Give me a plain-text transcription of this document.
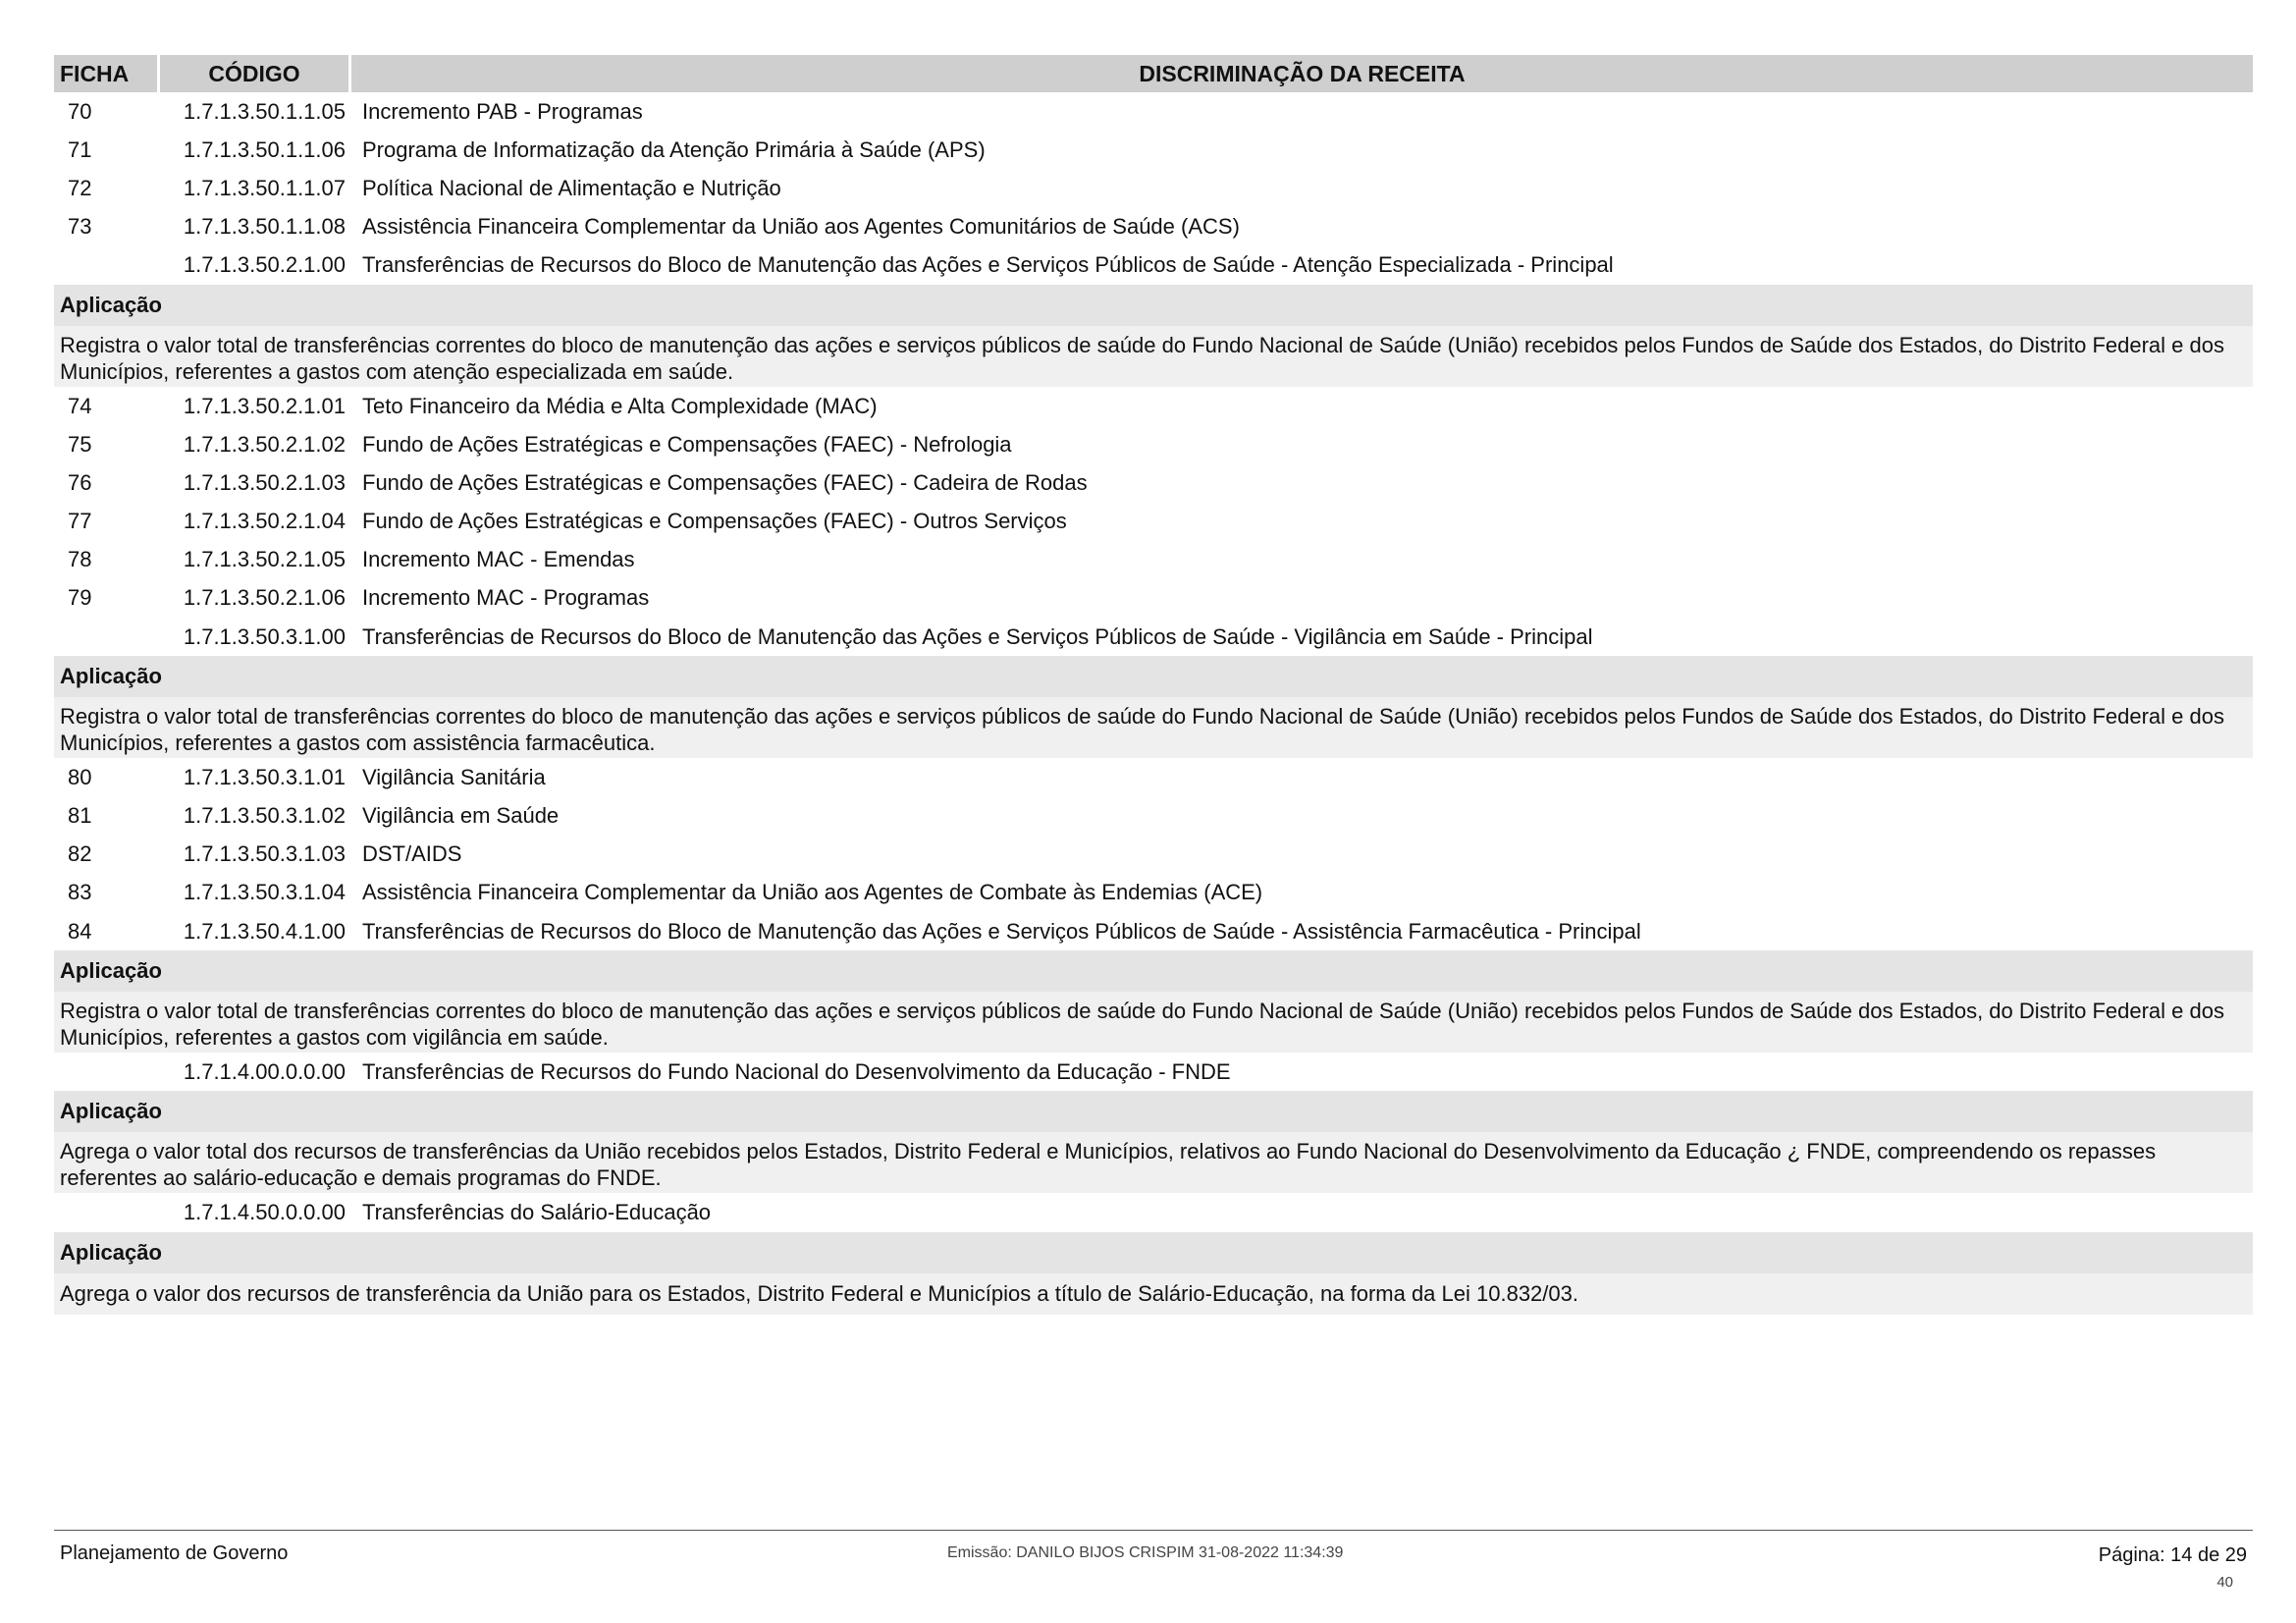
FICHA	CÓDIGO	DISCRIMINAÇÃO DA RECEITA
70	1.7.1.3.50.1.1.05 Incremento PAB - Programas
71	1.7.1.3.50.1.1.06 Programa de Informatização da Atenção Primária à Saúde (APS)
72	1.7.1.3.50.1.1.07 Política Nacional de Alimentação e Nutrição
73	1.7.1.3.50.1.1.08 Assistência Financeira Complementar da União aos Agentes Comunitários de Saúde (ACS)
1.7.1.3.50.2.1.00 Transferências de Recursos do Bloco de Manutenção das Ações e Serviços Públicos de Saúde - Atenção Especializada - Principal
Aplicação
Registra o valor total de transferências correntes do bloco de manutenção das ações e serviços públicos de saúde do Fundo Nacional de Saúde (União) recebidos pelos Fundos de Saúde dos Estados, do Distrito Federal e dos Municípios, referentes a gastos com atenção especializada em saúde.
74	1.7.1.3.50.2.1.01 Teto Financeiro da Média e Alta Complexidade (MAC)
75	1.7.1.3.50.2.1.02 Fundo de Ações Estratégicas e Compensações (FAEC) - Nefrologia
76	1.7.1.3.50.2.1.03 Fundo de Ações Estratégicas e Compensações (FAEC) - Cadeira de Rodas
77	1.7.1.3.50.2.1.04 Fundo de Ações Estratégicas e Compensações (FAEC) - Outros Serviços
78	1.7.1.3.50.2.1.05 Incremento MAC - Emendas
79	1.7.1.3.50.2.1.06 Incremento MAC - Programas
1.7.1.3.50.3.1.00 Transferências de Recursos do Bloco de Manutenção das Ações e Serviços Públicos de Saúde - Vigilância em Saúde - Principal
Aplicação
Registra o valor total de transferências correntes do bloco de manutenção das ações e serviços públicos de saúde do Fundo Nacional de Saúde (União) recebidos pelos Fundos de Saúde dos Estados, do Distrito Federal e dos Municípios, referentes a gastos com assistência farmacêutica.
80	1.7.1.3.50.3.1.01 Vigilância Sanitária
81	1.7.1.3.50.3.1.02 Vigilância em Saúde
82	1.7.1.3.50.3.1.03 DST/AIDS
83	1.7.1.3.50.3.1.04 Assistência Financeira Complementar da União aos Agentes de Combate às Endemias (ACE)
84	1.7.1.3.50.4.1.00 Transferências de Recursos do Bloco de Manutenção das Ações e Serviços Públicos de Saúde - Assistência Farmacêutica - Principal
Aplicação
Registra o valor total de transferências correntes do bloco de manutenção das ações e serviços públicos de saúde do Fundo Nacional de Saúde (União) recebidos pelos Fundos de Saúde dos Estados, do Distrito Federal e dos Municípios, referentes a gastos com vigilância em saúde.
1.7.1.4.00.0.0.00 Transferências de Recursos do Fundo Nacional do Desenvolvimento da Educação - FNDE
Aplicação
Agrega o valor total dos recursos de transferências da União recebidos pelos Estados, Distrito Federal e Municípios, relativos ao Fundo Nacional do Desenvolvimento da Educação ¿ FNDE, compreendendo os repasses referentes ao salário-educação e demais programas do FNDE.
1.7.1.4.50.0.0.00 Transferências do Salário-Educação
Aplicação
Agrega o valor dos recursos de transferência da União para os Estados, Distrito Federal e Municípios a título de Salário-Educação, na forma da Lei 10.832/03.
Planejamento de Governo	Emissão: DANILO BIJOS CRISPIM 31-08-2022 11:34:39	Página: 14 de 29
40
